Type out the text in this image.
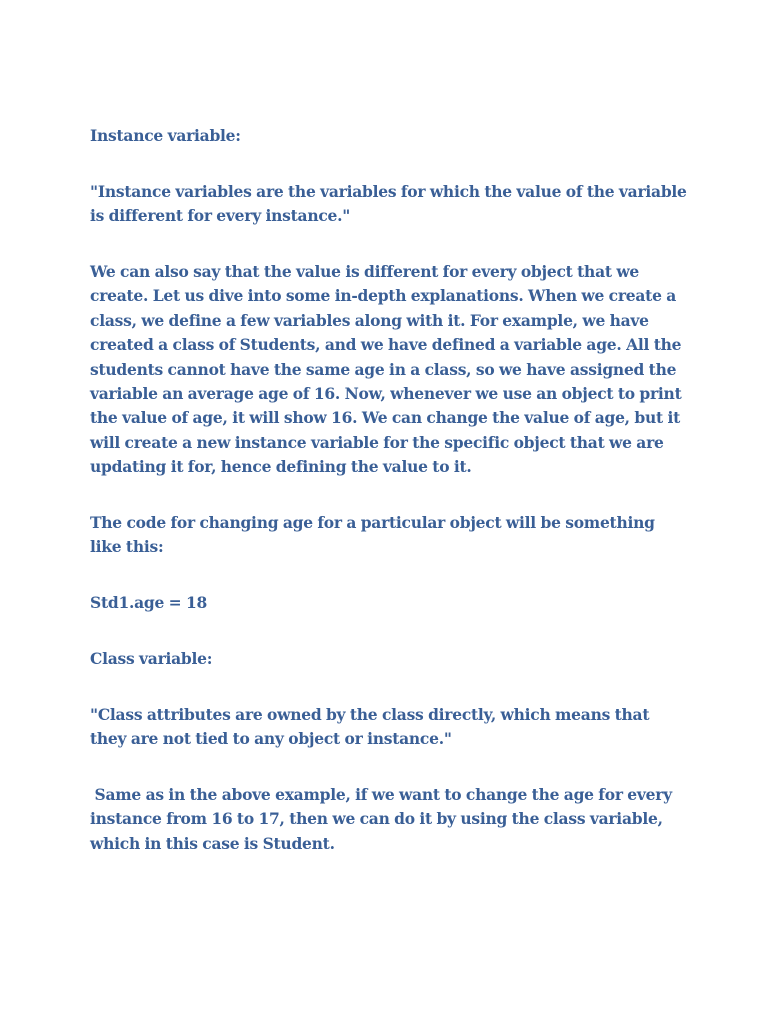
Instance variable:

"Instance variables are the variables for which the value of the variable is different for every instance."

We can also say that the value is different for every object that we create. Let us dive into some in-depth explanations. When we create a class, we define a few variables along with it. For example, we have created a class of Students, and we have defined a variable age. All the students cannot have the same age in a class, so we have assigned the variable an average age of 16. Now, whenever we use an object to print the value of age, it will show 16. We can change the value of age, but it will create a new instance variable for the specific object that we are updating it for, hence defining the value to it.

The code for changing age for a particular object will be something like this:

Std1.age = 18

Class variable:

"Class attributes are owned by the class directly, which means that they are not tied to any object or instance."

Same as in the above example, if we want to change the age for every instance from 16 to 17, then we can do it by using the class variable, which in this case is Student.
